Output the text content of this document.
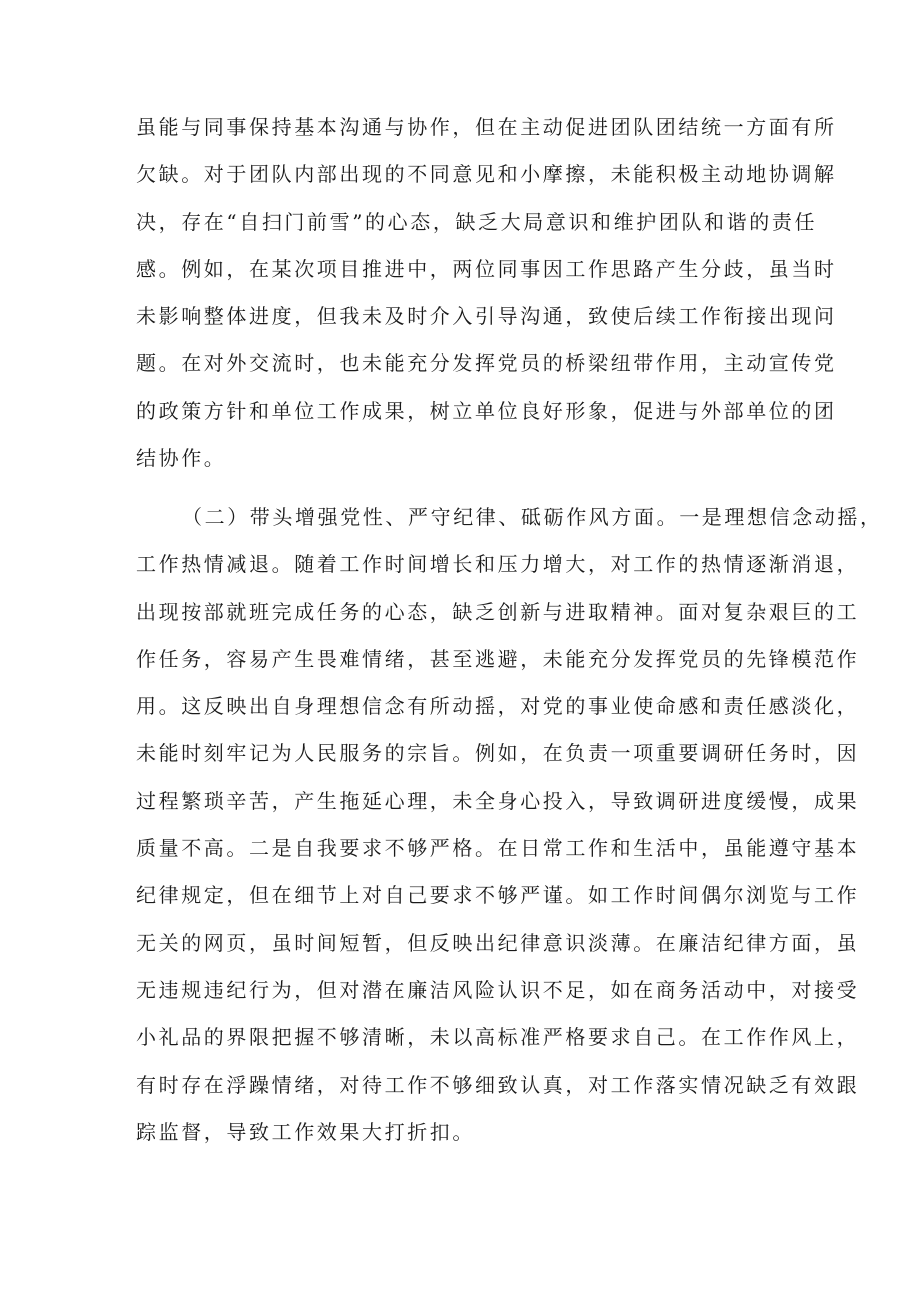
虽能与同事保持基本沟通与协作，但在主动促进团队团结统一方面有所
欠缺。对于团队内部出现的不同意见和小摩擦，未能积极主动地协调解
决，存在“自扫门前雪”的心态，缺乏大局意识和维护团队和谐的责任
感。例如，在某次项目推进中，两位同事因工作思路产生分歧，虽当时
未影响整体进度，但我未及时介入引导沟通，致使后续工作衔接出现问
题。在对外交流时，也未能充分发挥党员的桥梁纽带作用，主动宣传党
的政策方针和单位工作成果，树立单位良好形象，促进与外部单位的团
结协作。
（二）带头增强党性、严守纪律、砥砺作风方面。一是理想信念动摇，
工作热情减退。随着工作时间增长和压力增大，对工作的热情逐渐消退，
出现按部就班完成任务的心态，缺乏创新与进取精神。面对复杂艰巨的工
作任务，容易产生畏难情绪，甚至逃避，未能充分发挥党员的先锋模范作
用。这反映出自身理想信念有所动摇，对党的事业使命感和责任感淡化，
未能时刻牢记为人民服务的宗旨。例如，在负责一项重要调研任务时，因
过程繁琐辛苦，产生拖延心理，未全身心投入，导致调研进度缓慢，成果
质量不高。二是自我要求不够严格。在日常工作和生活中，虽能遵守基本
纪律规定，但在细节上对自己要求不够严谨。如工作时间偶尔浏览与工作
无关的网页，虽时间短暂，但反映出纪律意识淡薄。在廉洁纪律方面，虽
无违规违纪行为，但对潜在廉洁风险认识不足，如在商务活动中，对接受
小礼品的界限把握不够清晰，未以高标准严格要求自己。在工作作风上，
有时存在浮躁情绪，对待工作不够细致认真，对工作落实情况缺乏有效跟
踪监督，导致工作效果大打折扣。
